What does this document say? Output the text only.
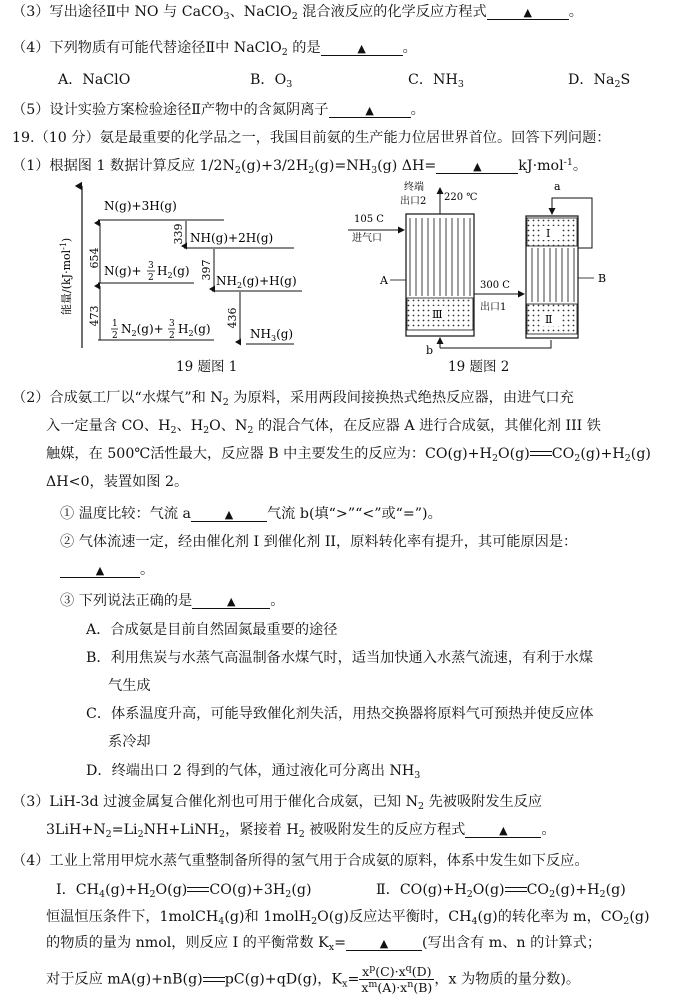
（3）写出途径Ⅱ中 NO 与 CaCO$_3$、NaClO$_2$ 混合液反应的化学反应方程式	▲	。
（4）下列物质有可能代替途径Ⅱ中 NaClO$_2$ 的是	▲	。
A．NaClO	B．$O_3$	C．$NH_3$	D．$Na_2S$
（5）设计实验方案检验途径Ⅱ产物中的含氮阴离子	▲	。
19.（10 分）氨是最重要的化学品之一，我国目前氨的生产能力位居世界首位。回答下列问题：
（1）根据图 1 数据计算反应 $1/2N_2(g)+3/2H_2(g)=NH_3(g)$ ΔH=	▲	kJ·mol$^{-1}$。
能量/(kJ·mol$^{-1}$)
N(g)+3H(g)
N(g)+ 3
2 $H_2(g)$
1
2 $N_2(g)+ 3$
2 $H_2(g)$
NH(g)+2H(g)
$NH_2(g)+H(g)$
$NH_3(g)$
654
473
339
397
436
19 题图 1
Ⅲ
终端
出口2 220 ℃
105 C
进气口
A	300 C
出口1
b
Ⅰ
Ⅱ
a
B
19 题图 2
（2）合成氨工厂以“水煤气”和 $N_2$ 为原料，采用两段间接换热式绝热反应器，由进气口充
入一定量含 CO、$H_2$、$H_2O$、$N_2$ 的混合气体，在反应器 A 进行合成氨，其催化剂 III 铁
触媒，在 500℃活性最大，反应器 B 中主要发生的反应为：$CO(g)+H_2O(g)$ $CO_2(g)+H_2(g)$
ΔH<0，装置如图 2。
① 温度比较：气流 a	▲ 气流 b(填“>”“<”或“=”)。
② 气体流速一定，经由催化剂 I 到催化剂 II，原料转化率有提升，其可能原因是：
▲	。
③ 下列说法正确的是	▲ 。
A．合成氨是目前自然固氮最重要的途径
B．利用焦炭与水蒸气高温制备水煤气时，适当加快通入水蒸气流速，有利于水煤
气生成
C．体系温度升高，可能导致催化剂失活，用热交换器将原料气可预热并使反应体
系冷却
D．终端出口 2 得到的气体，通过液化可分离出 $NH_3$
（3）LiH-3d 过渡金属复合催化剂也可用于催化合成氨，已知 $N_2$ 先被吸附发生反应
$3LiH+N_2=Li_2NH+LiNH_2$，紧接着 $H_2$ 被吸附发生的反应方程式	▲ 。
（4）工业上常用甲烷水蒸气重整制备所得的氢气用于合成氨的原料，体系中发生如下反应。
Ⅰ．$CH_4(g)+H_2O(g)$ $CO(g)+3H_2(g)$	Ⅱ．$CO(g)+H_2O(g)$ $CO_2(g)+H_2(g)$
恒温恒压条件下，1molCH$_4$(g)和 1molH$_2$O(g)反应达平衡时，$CH_4(g)$的转化率为 m，$CO_2(g)$
的物质的量为 nmol，则反应 I 的平衡常数 $K_x=$	▲ (写出含有 m、n 的计算式；
对于反应 mA(g)+nB(g) pC(g)+qD(g)，$K_x= \frac{x^p(C)\cdot x^q(D)}{x^m(A)\cdot x^n(B)}$ ，x 为物质的量分数)。
